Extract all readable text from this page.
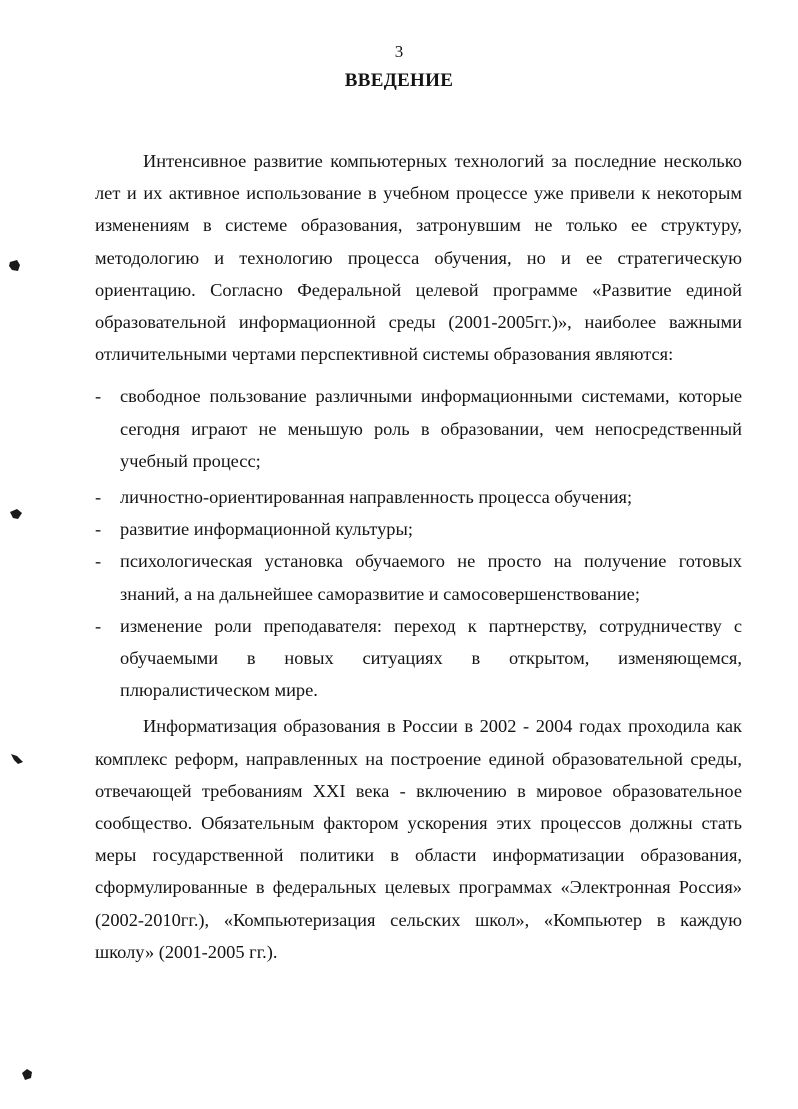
3
ВВЕДЕНИЕ

Интенсивное развитие компьютерных технологий за последние несколько лет и их активное использование в учебном процессе уже привели к некоторым изменениям в системе образования, затронувшим не только ее структуру, методологию и технологию процесса обучения, но и ее стратегическую ориентацию. Согласно Федеральной целевой программе «Развитие единой образовательной информационной среды (2001-2005гг.)», наиболее важными отличительными чертами перспективной системы образования являются:

-	свободное пользование различными информационными системами, которые сегодня играют не меньшую роль в образовании, чем непосредственный учебный процесс;
-	личностно-ориентированная направленность процесса обучения;
-	развитие информационной культуры;
-	психологическая установка обучаемого не просто на получение готовых знаний, а на дальнейшее саморазвитие и самосовершенствование;
-	изменение роли преподавателя: переход к партнерству, сотрудничеству с обучаемыми в новых ситуациях в открытом, изменяющемся, плюралистическом мире.

Информатизация образования в России в 2002 - 2004 годах проходила как комплекс реформ, направленных на построение единой образовательной среды, отвечающей требованиям XXI века - включению в мировое образовательное сообщество. Обязательным фактором ускорения этих процессов должны стать меры государственной политики в области информатизации образования, сформулированные в федеральных целевых программах «Электронная Россия» (2002-2010гг.), «Компьютеризация сельских школ», «Компьютер в каждую школу» (2001-2005 гг.).
